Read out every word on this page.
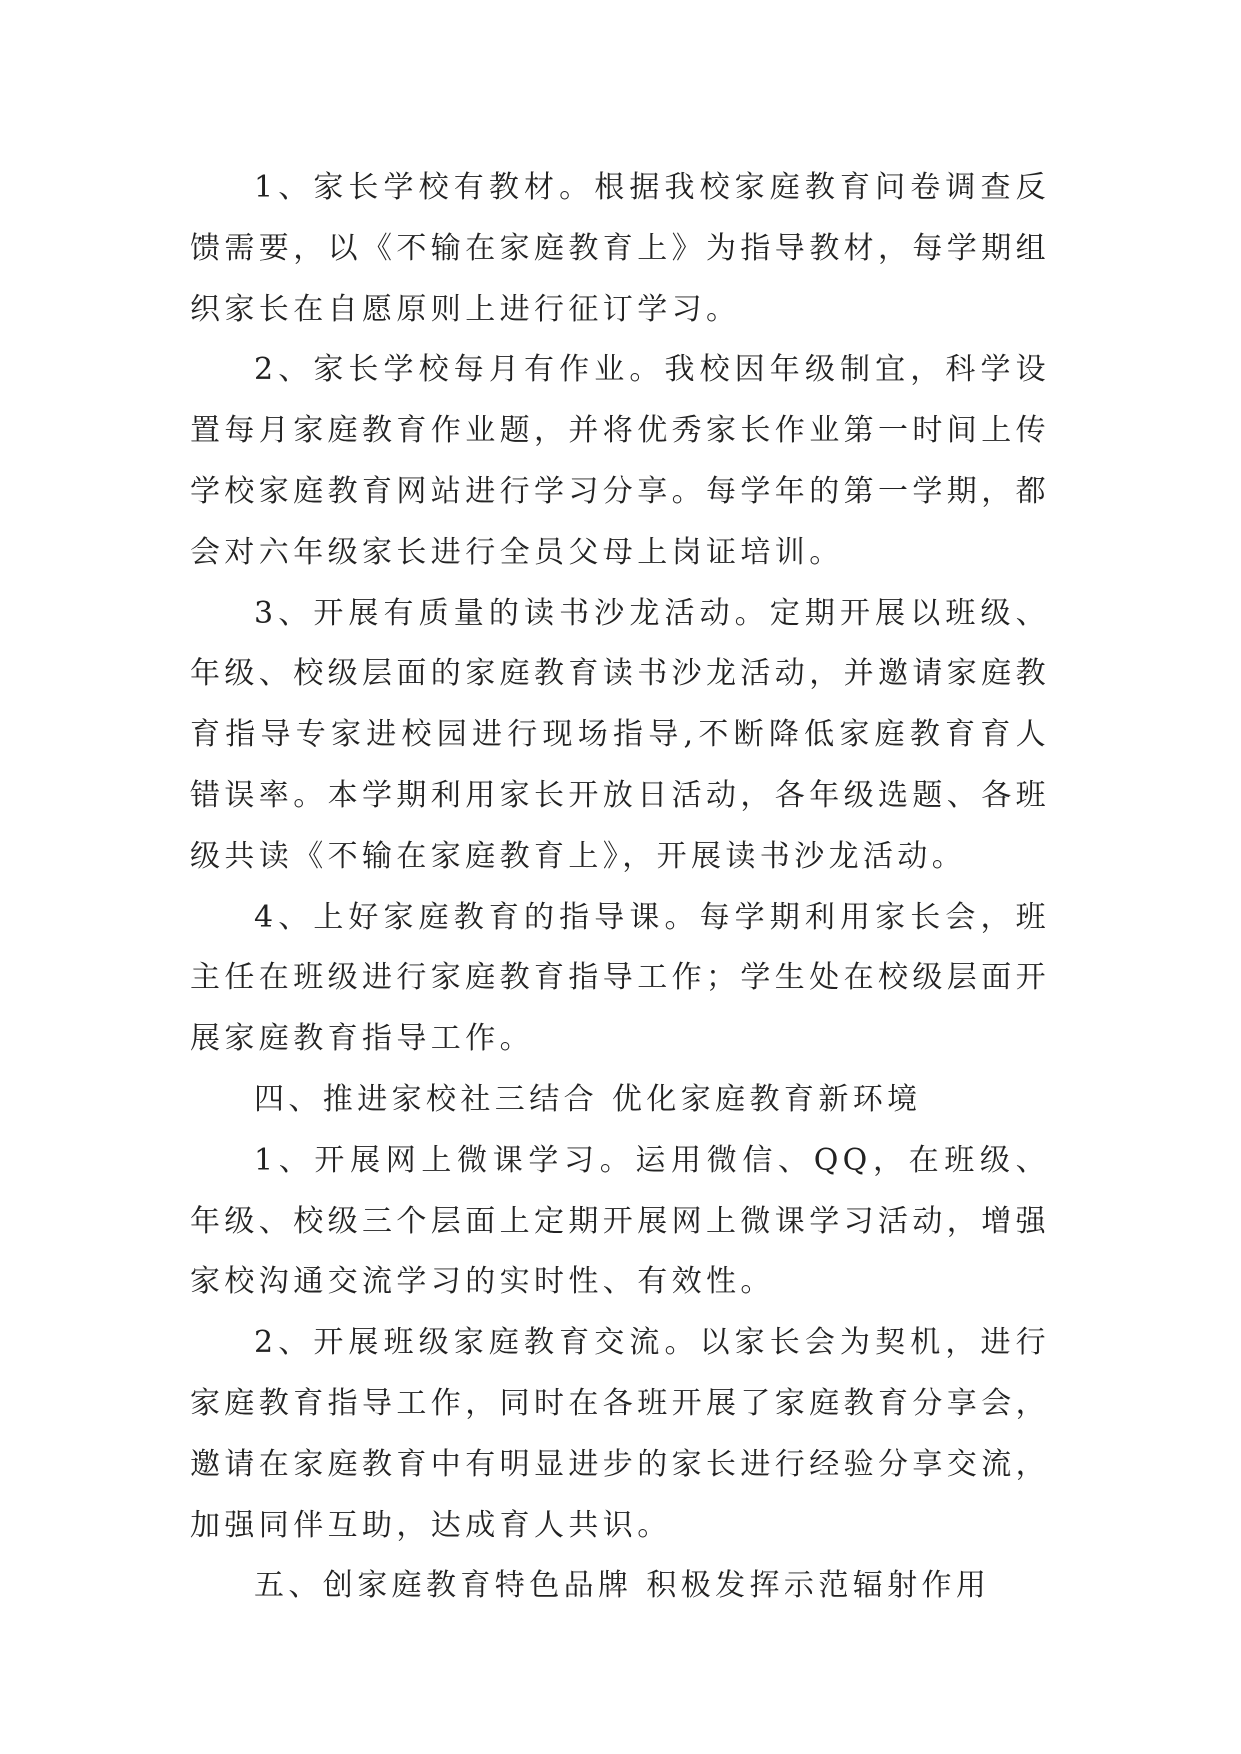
1、家长学校有教材。根据我校家庭教育问卷调查反馈需要，以《不输在家庭教育上》为指导教材，每学期组织家长在自愿原则上进行征订学习。

2、家长学校每月有作业。我校因年级制宜，科学设置每月家庭教育作业题，并将优秀家长作业第一时间上传学校家庭教育网站进行学习分享。每学年的第一学期，都会对六年级家长进行全员父母上岗证培训。

3、开展有质量的读书沙龙活动。定期开展以班级、年级、校级层面的家庭教育读书沙龙活动，并邀请家庭教育指导专家进校园进行现场指导,不断降低家庭教育育人错误率。本学期利用家长开放日活动，各年级选题、各班级共读《不输在家庭教育上》，开展读书沙龙活动。

4、上好家庭教育的指导课。每学期利用家长会，班主任在班级进行家庭教育指导工作；学生处在校级层面开展家庭教育指导工作。

四、推进家校社三结合 优化家庭教育新环境

1、开展网上微课学习。运用微信、QQ，在班级、年级、校级三个层面上定期开展网上微课学习活动，增强家校沟通交流学习的实时性、有效性。

2、开展班级家庭教育交流。以家长会为契机，进行家庭教育指导工作，同时在各班开展了家庭教育分享会，邀请在家庭教育中有明显进步的家长进行经验分享交流，加强同伴互助，达成育人共识。

五、创家庭教育特色品牌 积极发挥示范辐射作用
